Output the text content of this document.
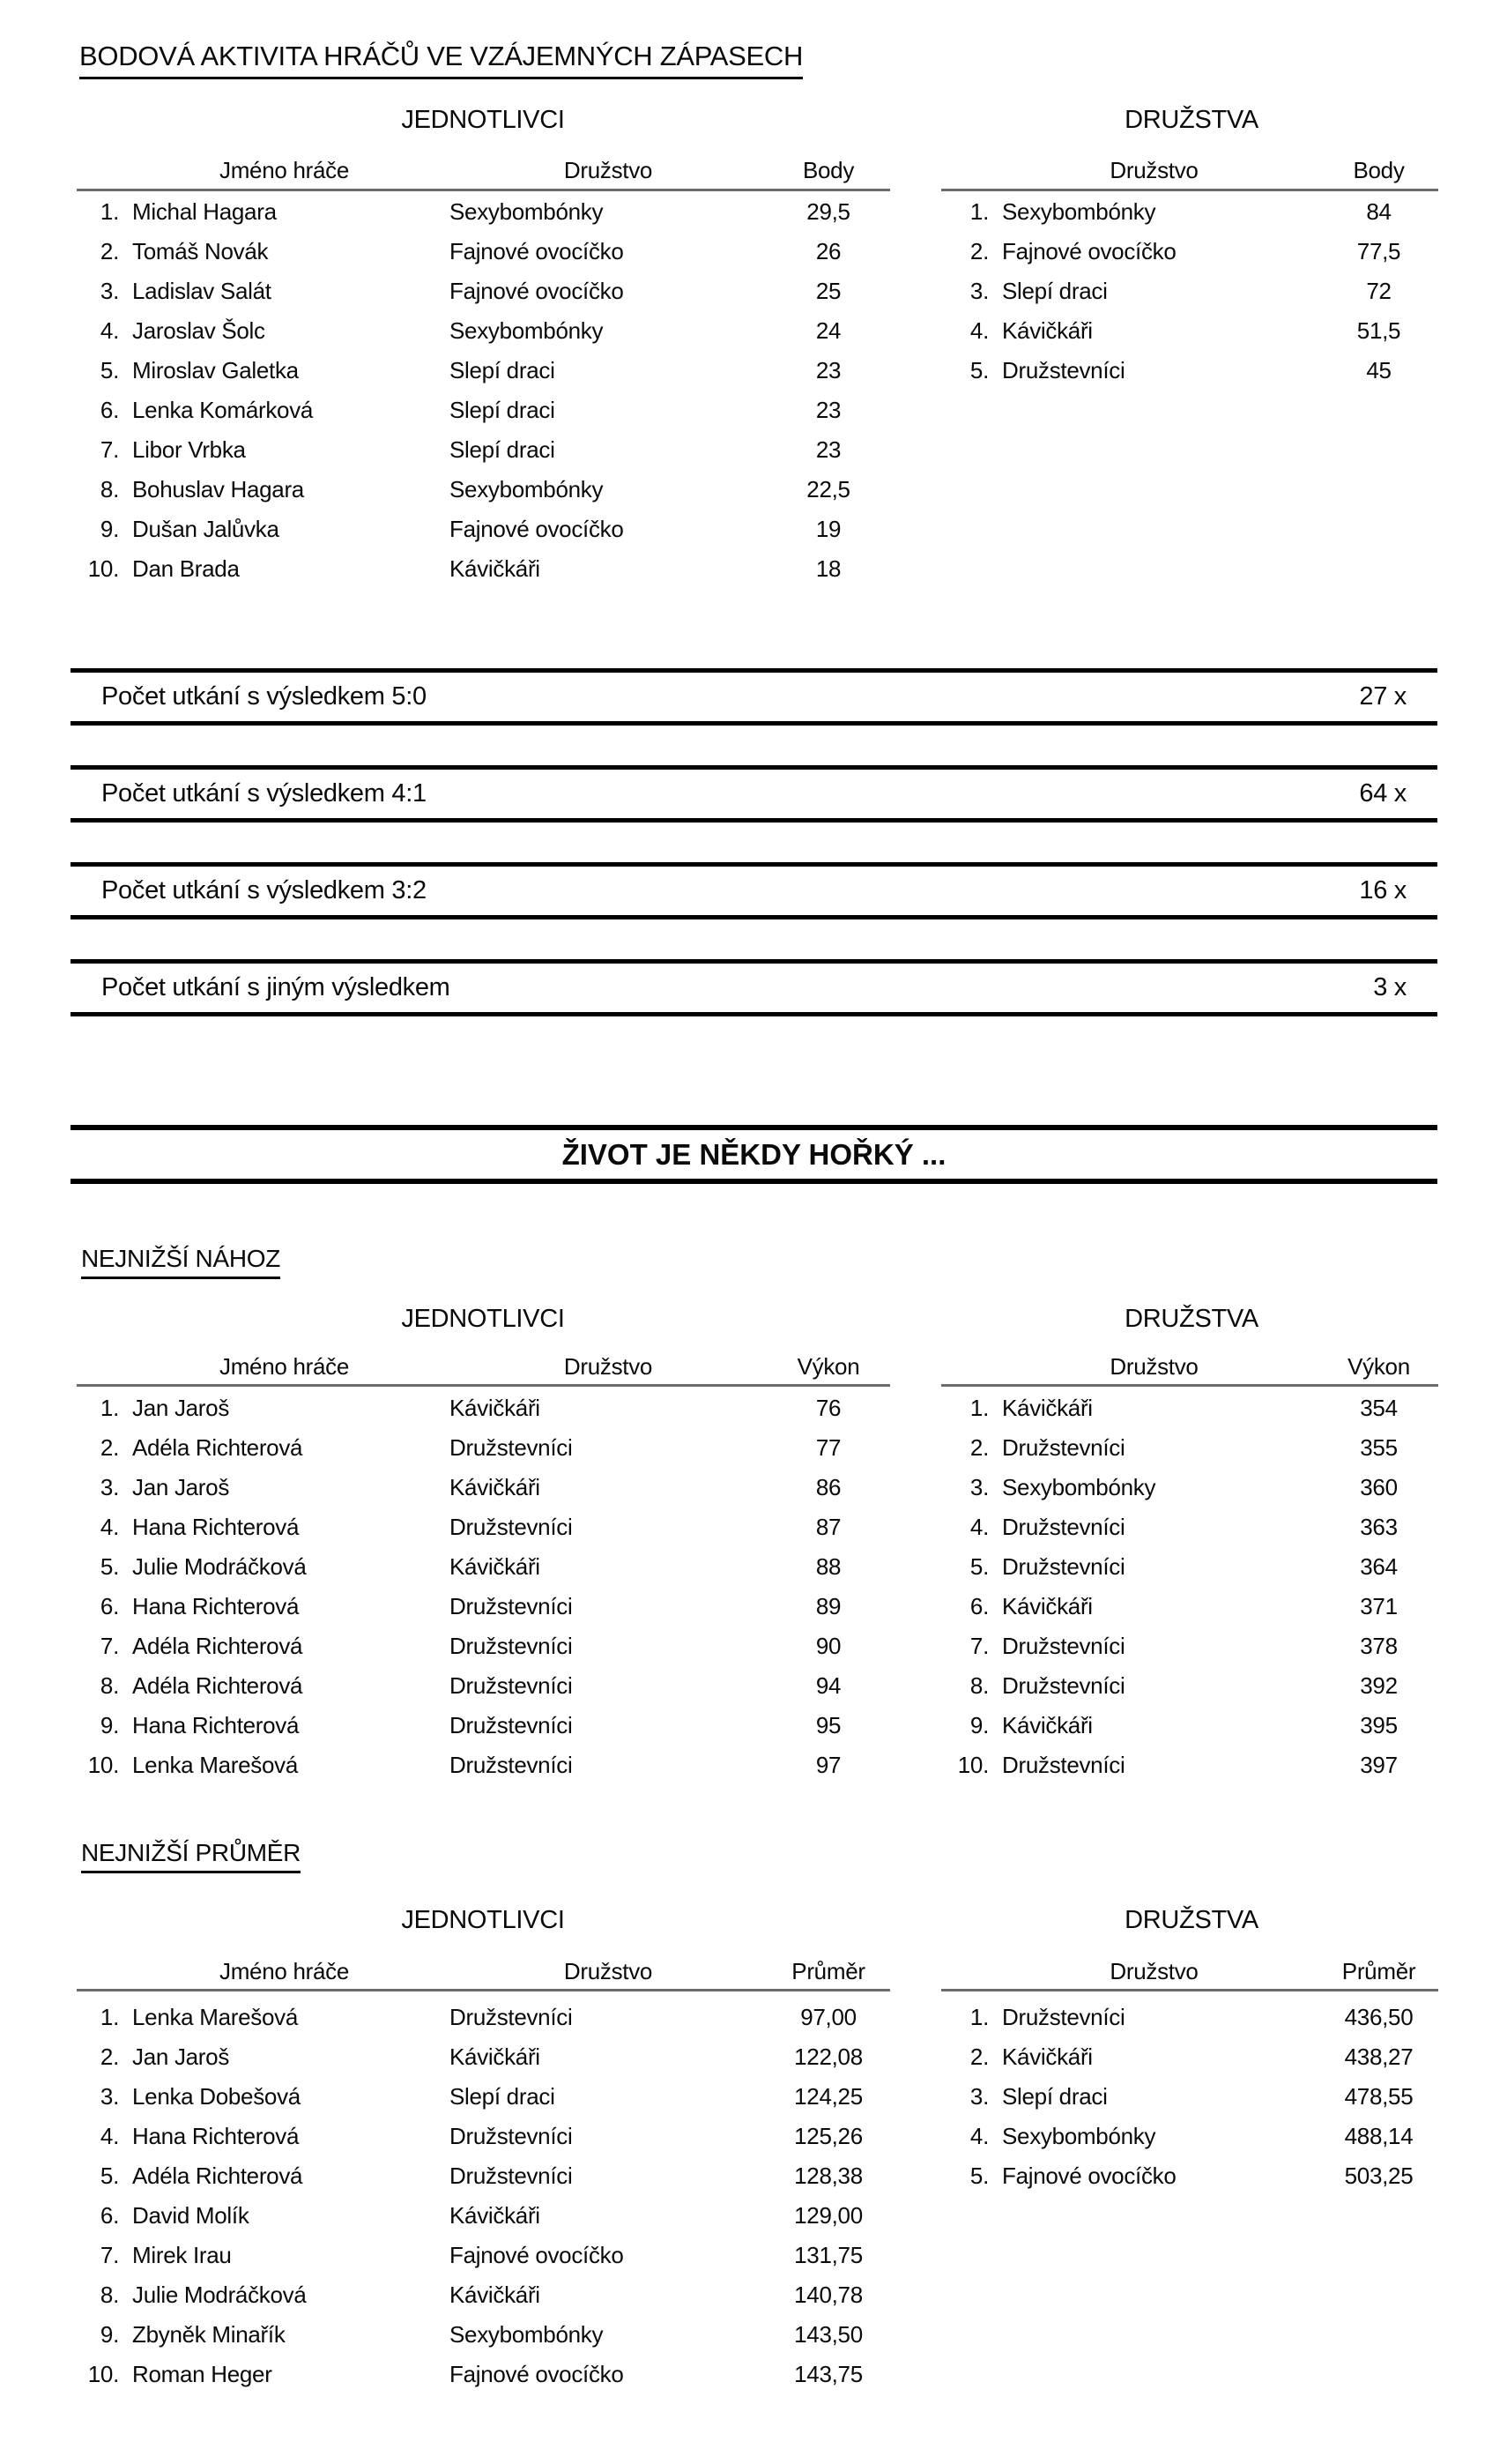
BODOVÁ AKTIVITA HRÁČŮ VE VZÁJEMNÝCH ZÁPASECH
JEDNOTLIVCI	DRUŽSTVA
Jméno hráče	Družstvo	Body
1. Michal Hagara	Sexybombónky	29,5
2. Tomáš Novák	Fajnové ovocíčko	26
3. Ladislav Salát	Fajnové ovocíčko	25
4. Jaroslav Šolc	Sexybombónky	24
5. Miroslav Galetka	Slepí draci	23
6. Lenka Komárková	Slepí draci	23
7. Libor Vrbka	Slepí draci	23
8. Bohuslav Hagara	Sexybombónky	22,5
9. Dušan Jalůvka	Fajnové ovocíčko	19
10. Dan Brada	Kávičkáři	18
Družstvo	Body
1. Sexybombónky	84
2. Fajnové ovocíčko	77,5
3. Slepí draci	72
4. Kávičkáři	51,5
5. Družstevníci	45
Počet utkání s výsledkem 5:0	27 x
Počet utkání s výsledkem 4:1	64 x
Počet utkání s výsledkem 3:2	16 x
Počet utkání s jiným výsledkem	3 x
ŽIVOT JE NĚKDY HOŘKÝ ...
NEJNIŽŠÍ NÁHOZ
JEDNOTLIVCI	DRUŽSTVA
Jméno hráče	Družstvo	Výkon
1. Jan Jaroš	Kávičkáři	76
2. Adéla Richterová	Družstevníci	77
3. Jan Jaroš	Kávičkáři	86
4. Hana Richterová	Družstevníci	87
5. Julie Modráčková	Kávičkáři	88
6. Hana Richterová	Družstevníci	89
7. Adéla Richterová	Družstevníci	90
8. Adéla Richterová	Družstevníci	94
9. Hana Richterová	Družstevníci	95
10. Lenka Marešová	Družstevníci	97
Družstvo	Výkon
1. Kávičkáři	354
2. Družstevníci	355
3. Sexybombónky	360
4. Družstevníci	363
5. Družstevníci	364
6. Kávičkáři	371
7. Družstevníci	378
8. Družstevníci	392
9. Kávičkáři	395
10. Družstevníci	397
NEJNIŽŠÍ PRŮMĚR
JEDNOTLIVCI	DRUŽSTVA
Jméno hráče	Družstvo	Průměr
1. Lenka Marešová	Družstevníci	97,00
2. Jan Jaroš	Kávičkáři	122,08
3. Lenka Dobešová	Slepí draci	124,25
4. Hana Richterová	Družstevníci	125,26
5. Adéla Richterová	Družstevníci	128,38
6. David Molík	Kávičkáři	129,00
7. Mirek Irau	Fajnové ovocíčko	131,75
8. Julie Modráčková	Kávičkáři	140,78
9. Zbyněk Minařík	Sexybombónky	143,50
10. Roman Heger	Fajnové ovocíčko	143,75
Družstvo	Průměr
1. Družstevníci	436,50
2. Kávičkáři	438,27
3. Slepí draci	478,55
4. Sexybombónky	488,14
5. Fajnové ovocíčko	503,25
